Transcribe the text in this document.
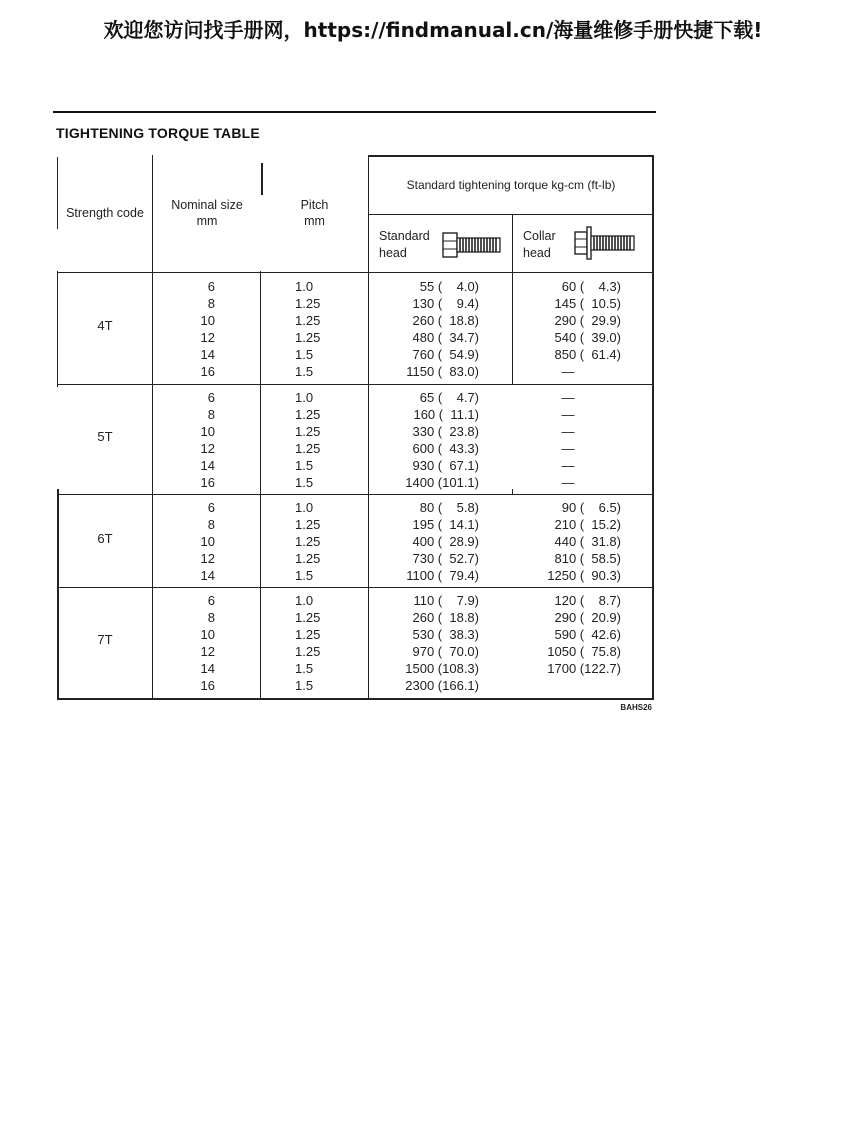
欢迎您访问找手册网，https://findmanual.cn/海量维修手册快捷下载!
TIGHTENING TORQUE TABLE
Strength code
Nominal size
mm
Pitch
mm
Standard tightening torque kg-cm (ft-lb)
Standard
head
Collar
head
4T
6	1.0	55 (    4.0)	60 (    4.3)
8	1.25	130 (    9.4)	145 (  10.5)
10	1.25	260 (  18.8)	290 (  29.9)
12	1.25	480 (  34.7)	540 (  39.0)
14	1.5	760 (  54.9)	850 (  61.4)
16	1.5	1150 (  83.0)	—
5T
6	1.0	65 (    4.7)	—
8	1.25	160 (  11.1)	—
10	1.25	330 (  23.8)	—
12	1.25	600 (  43.3)	—
14	1.5	930 (  67.1)	—
16	1.5	1400 (101.1)	—
6T
6	1.0	80 (    5.8)	90 (    6.5)
8	1.25	195 (  14.1)	210 (  15.2)
10	1.25	400 (  28.9)	440 (  31.8)
12	1.25	730 (  52.7)	810 (  58.5)
14	1.5	1100 (  79.4)	1250 (  90.3)
7T
6	1.0	110 (    7.9)	120 (    8.7)
8	1.25	260 (  18.8)	290 (  20.9)
10	1.25	530 (  38.3)	590 (  42.6)
12	1.25	970 (  70.0)	1050 (  75.8)
14	1.5	1500 (108.3)	1700 (122.7)
16	1.5	2300 (166.1)
BAHS26
